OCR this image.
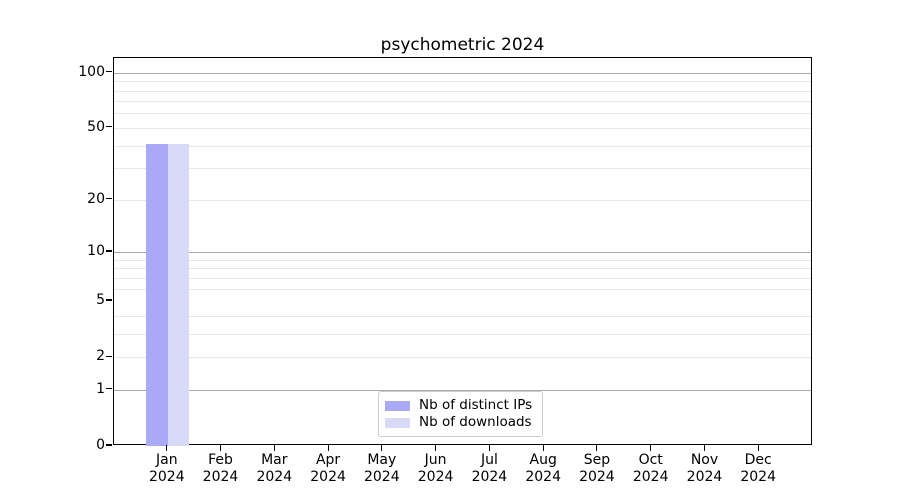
psychometric 2024
0
1
2
5
10
20
50
100
Jan
2024
Feb
2024
Mar
2024
Apr
2024
May
2024
Jun
2024
Jul
2024
Aug
2024
Sep
2024
Oct
2024
Nov
2024
Dec
2024
Nb of distinct IPs
Nb of downloads
